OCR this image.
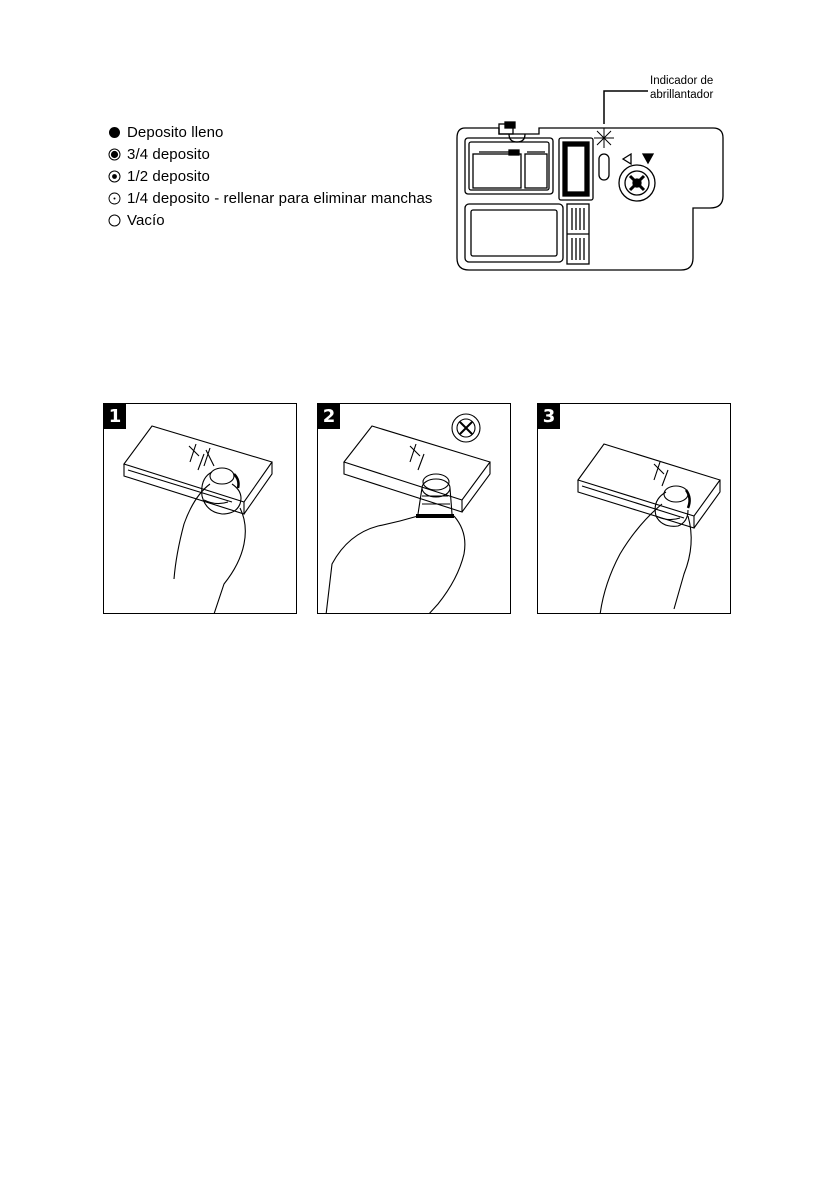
Deposito lleno
3/4 deposito
1/2 deposito
1/4 deposito - rellenar para eliminar manchas
Vacío
Indicador de
abrillantador
1	2	3
